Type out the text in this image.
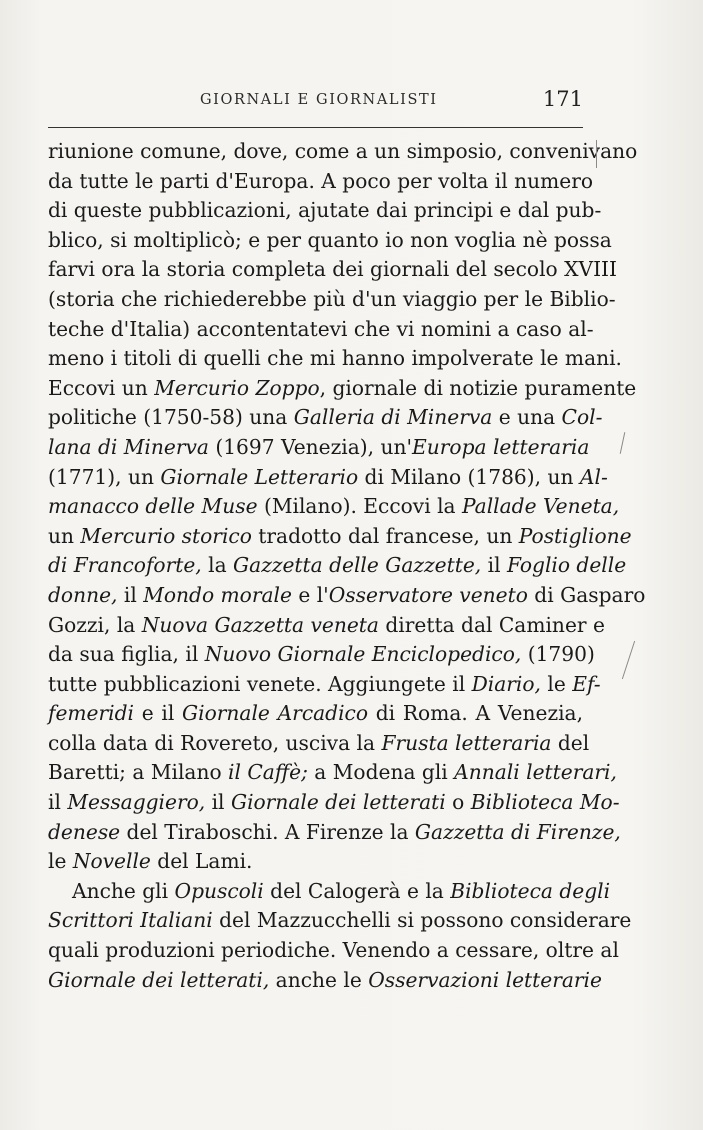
GIORNALI E GIORNALISTI	171
riunione comune, dove, come a un simposio, convenivano
da tutte le parti d'Europa. A poco per volta il numero
di queste pubblicazioni, ajutate dai principi e dal pub-
blico, si moltiplicò; e per quanto io non voglia nè possa
farvi ora la storia completa dei giornali del secolo XVIII
(storia che richiederebbe più d'un viaggio per le Biblio-
teche d'Italia) accontentatevi che vi nomini a caso al-
meno i titoli di quelli che mi hanno impolverate le mani.
Eccovi un Mercurio Zoppo, giornale di notizie puramente
politiche (1750-58) una Galleria di Minerva e una Col-
lana di Minerva (1697 Venezia), un'Europa letteraria
(1771), un Giornale Letterario di Milano (1786), un Al-
manacco delle Muse (Milano). Eccovi la Pallade Veneta,
un Mercurio storico tradotto dal francese, un Postiglione
di Francoforte, la Gazzetta delle Gazzette, il Foglio delle
donne, il Mondo morale e l'Osservatore veneto di Gasparo
Gozzi, la Nuova Gazzetta veneta diretta dal Caminer e
da sua figlia, il Nuovo Giornale Enciclopedico, (1790)
tutte pubblicazioni venete. Aggiungete il Diario, le Ef-
femeridi e il Giornale Arcadico di Roma. A Venezia,
colla data di Rovereto, usciva la Frusta letteraria del
Baretti; a Milano il Caffè; a Modena gli Annali letterari,
il Messaggiero, il Giornale dei letterati o Biblioteca Mo-
denese del Tiraboschi. A Firenze la Gazzetta di Firenze,
le Novelle del Lami.
Anche gli Opuscoli del Calogerà e la Biblioteca degli
Scrittori Italiani del Mazzucchelli si possono considerare
quali produzioni periodiche. Venendo a cessare, oltre al
Giornale dei letterati, anche le Osservazioni letterarie
